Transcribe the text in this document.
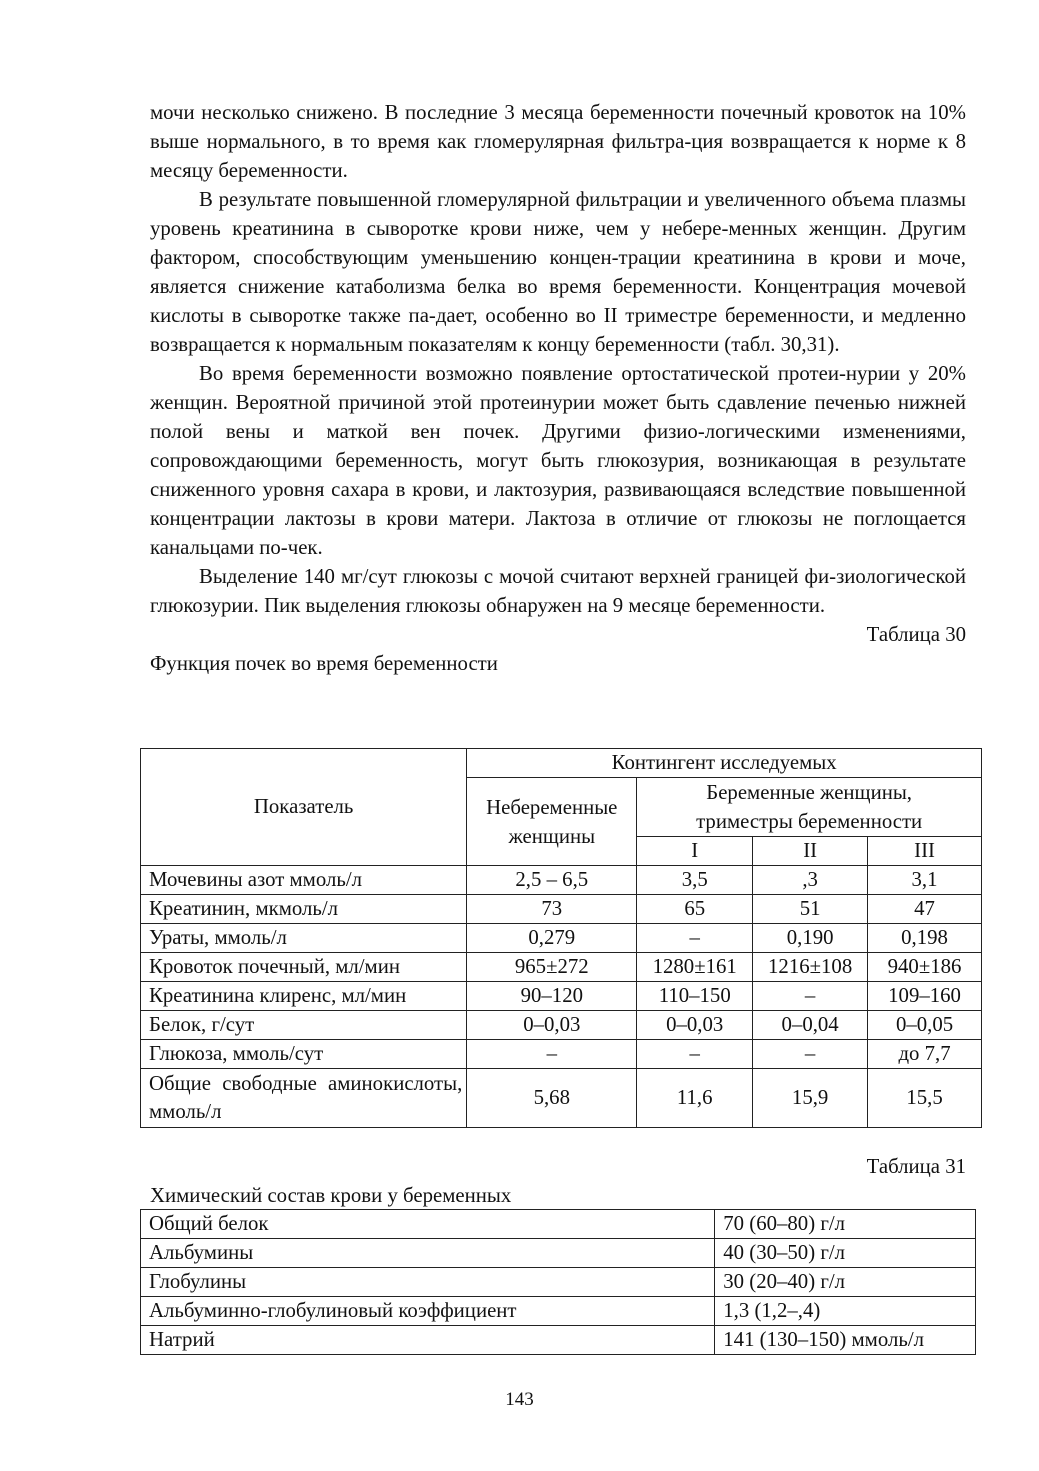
мочи несколько снижено. В последние 3 месяца беременности почечный кровоток на 10% выше нормального, в то время как гломерулярная фильтра-ция возвращается к норме к 8 месяцу беременности.

В результате повышенной гломерулярной фильтрации и увеличенного объема плазмы уровень креатинина в сыворотке крови ниже, чем у небере-менных женщин. Другим фактором, способствующим уменьшению концен-трации креатинина в крови и моче, является снижение катаболизма белка во время беременности. Концентрация мочевой кислоты в сыворотке также па-дает, особенно во II триместре беременности, и медленно возвращается к нормальным показателям к концу беременности (табл. 30,31).

Во время беременности возможно появление ортостатической протеи-нурии у 20% женщин. Вероятной причиной этой протеинурии может быть сдавление печенью нижней полой вены и маткой вен почек. Другими физио-логическими изменениями, сопровождающими беременность, могут быть глюкозурия, возникающая в результате сниженного уровня сахара в крови, и лактозурия, развивающаяся вследствие повышенной концентрации лактозы в крови матери. Лактоза в отличие от глюкозы не поглощается канальцами по-чек.

Выделение 140 мг/сут глюкозы с мочой считают верхней границей фи-зиологической глюкозурии. Пик выделения глюкозы обнаружен на 9 месяце беременности.

Таблица 30

Функция почек во время беременности

Показатель	Контингент исследуемых			
	Небеременные женщины	Беременные женщины, триместры беременности		
		I	II	III
Мочевины азот ммоль/л	2,5 – 6,5	3,5	,3	3,1
Креатинин, мкмоль/л	73	65	51	47
Ураты, ммоль/л	0,279	–	0,190	0,198
Кровоток почечный, мл/мин	965±272	1280±161	1216±108	940±186
Креатинина клиренс, мл/мин	90–120	110–150	–	109–160
Белок, г/сут	0–0,03	0–0,03	0–0,04	0–0,05
Глюкоза, ммоль/сут	–	–	–	до 7,7
Общие свободные аминокислоты, ммоль/л	5,68	11,6	15,9	15,5

Таблица 31

Химический состав крови у беременных

Общий белок	70 (60–80) г/л
Альбумины	40 (30–50) г/л
Глобулины	30 (20–40) г/л
Альбуминно-глобулиновый коэффициент	1,3 (1,2–,4)
Натрий	141 (130–150) ммоль/л
143
